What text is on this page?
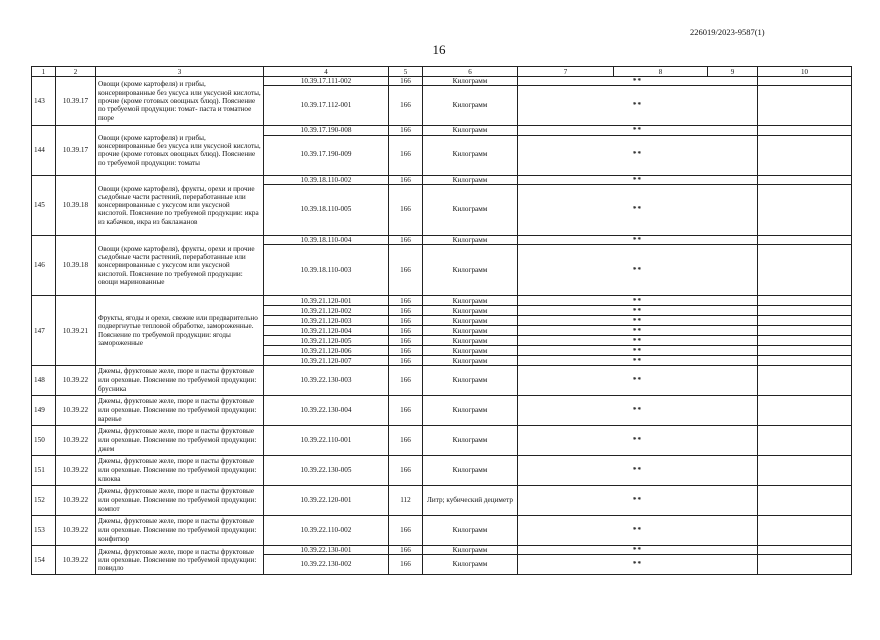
226019/2023-9587(1)
16
1	2	3	4	5	6	7	8	9	10	
143	10.39.17	Овощи (кроме картофеля) и грибы, консервированные без уксуса или уксусной кислоты, прочие (кроме готовых овощных блюд). Пояснение по требуемой продукции: томат- паста и томатное пюре	10.39.17.111-002	166	Килограмм	**				
			10.39.17.112-001	166	Килограмм	**				
144	10.39.17	Овощи (кроме картофеля) и грибы, консервированные без уксуса или уксусной кислоты, прочие (кроме готовых овощных блюд). Пояснение по требуемой продукции: томаты	10.39.17.190-008	166	Килограмм	**				
			10.39.17.190-009	166	Килограмм	**				
145	10.39.18	Овощи (кроме картофеля), фрукты, орехи и прочие съедобные части растений, переработанные или консервированные с уксусом или уксусной кислотой. Пояснение по требуемой продукции: икра из кабачков, икра из баклажанов	10.39.18.110-002	166	Килограмм	**				
			10.39.18.110-005	166	Килограмм	**				
146	10.39.18	Овощи (кроме картофеля), фрукты, орехи и прочие съедобные части растений, переработанные или консервированные с уксусом или уксусной кислотой. Пояснение по требуемой продукции: овощи маринованные	10.39.18.110-004	166	Килограмм	**				
			10.39.18.110-003	166	Килограмм	**				
147	10.39.21	Фрукты, ягоды и орехи, свежие или предварительно подвергнутые тепловой обработке, замороженные. Пояснение по требуемой продукции: ягоды замороженные	10.39.21.120-001	166	Килограмм	**				
			10.39.21.120-002	166	Килограмм	**				
			10.39.21.120-003	166	Килограмм	**				
			10.39.21.120-004	166	Килограмм	**				
			10.39.21.120-005	166	Килограмм	**				
			10.39.21.120-006	166	Килограмм	**				
			10.39.21.120-007	166	Килограмм	**				
148	10.39.22	Джемы, фруктовые желе, пюре и пасты фруктовые или ореховые. Пояснение по требуемой продукции: брусника	10.39.22.130-003	166	Килограмм	**				
149	10.39.22	Джемы, фруктовые желе, пюре и пасты фруктовые или ореховые. Пояснение по требуемой продукции: варенье	10.39.22.130-004	166	Килограмм	**				
150	10.39.22	Джемы, фруктовые желе, пюре и пасты фруктовые или ореховые. Пояснение по требуемой продукции: джем	10.39.22.110-001	166	Килограмм	**				
151	10.39.22	Джемы, фруктовые желе, пюре и пасты фруктовые или ореховые. Пояснение по требуемой продукции: клюква	10.39.22.130-005	166	Килограмм	**				
152	10.39.22	Джемы, фруктовые желе, пюре и пасты фруктовые или ореховые. Пояснение по требуемой продукции: компот	10.39.22.120-001	112	Литр; кубический дециметр	**				
153	10.39.22	Джемы, фруктовые желе, пюре и пасты фруктовые или ореховые. Пояснение по требуемой продукции: конфитюр	10.39.22.110-002	166	Килограмм	**				
154	10.39.22	Джемы, фруктовые желе, пюре и пасты фруктовые или ореховые. Пояснение по требуемой продукции: повидло	10.39.22.130-001	166	Килограмм	**				
			10.39.22.130-002	166	Килограмм	**				
